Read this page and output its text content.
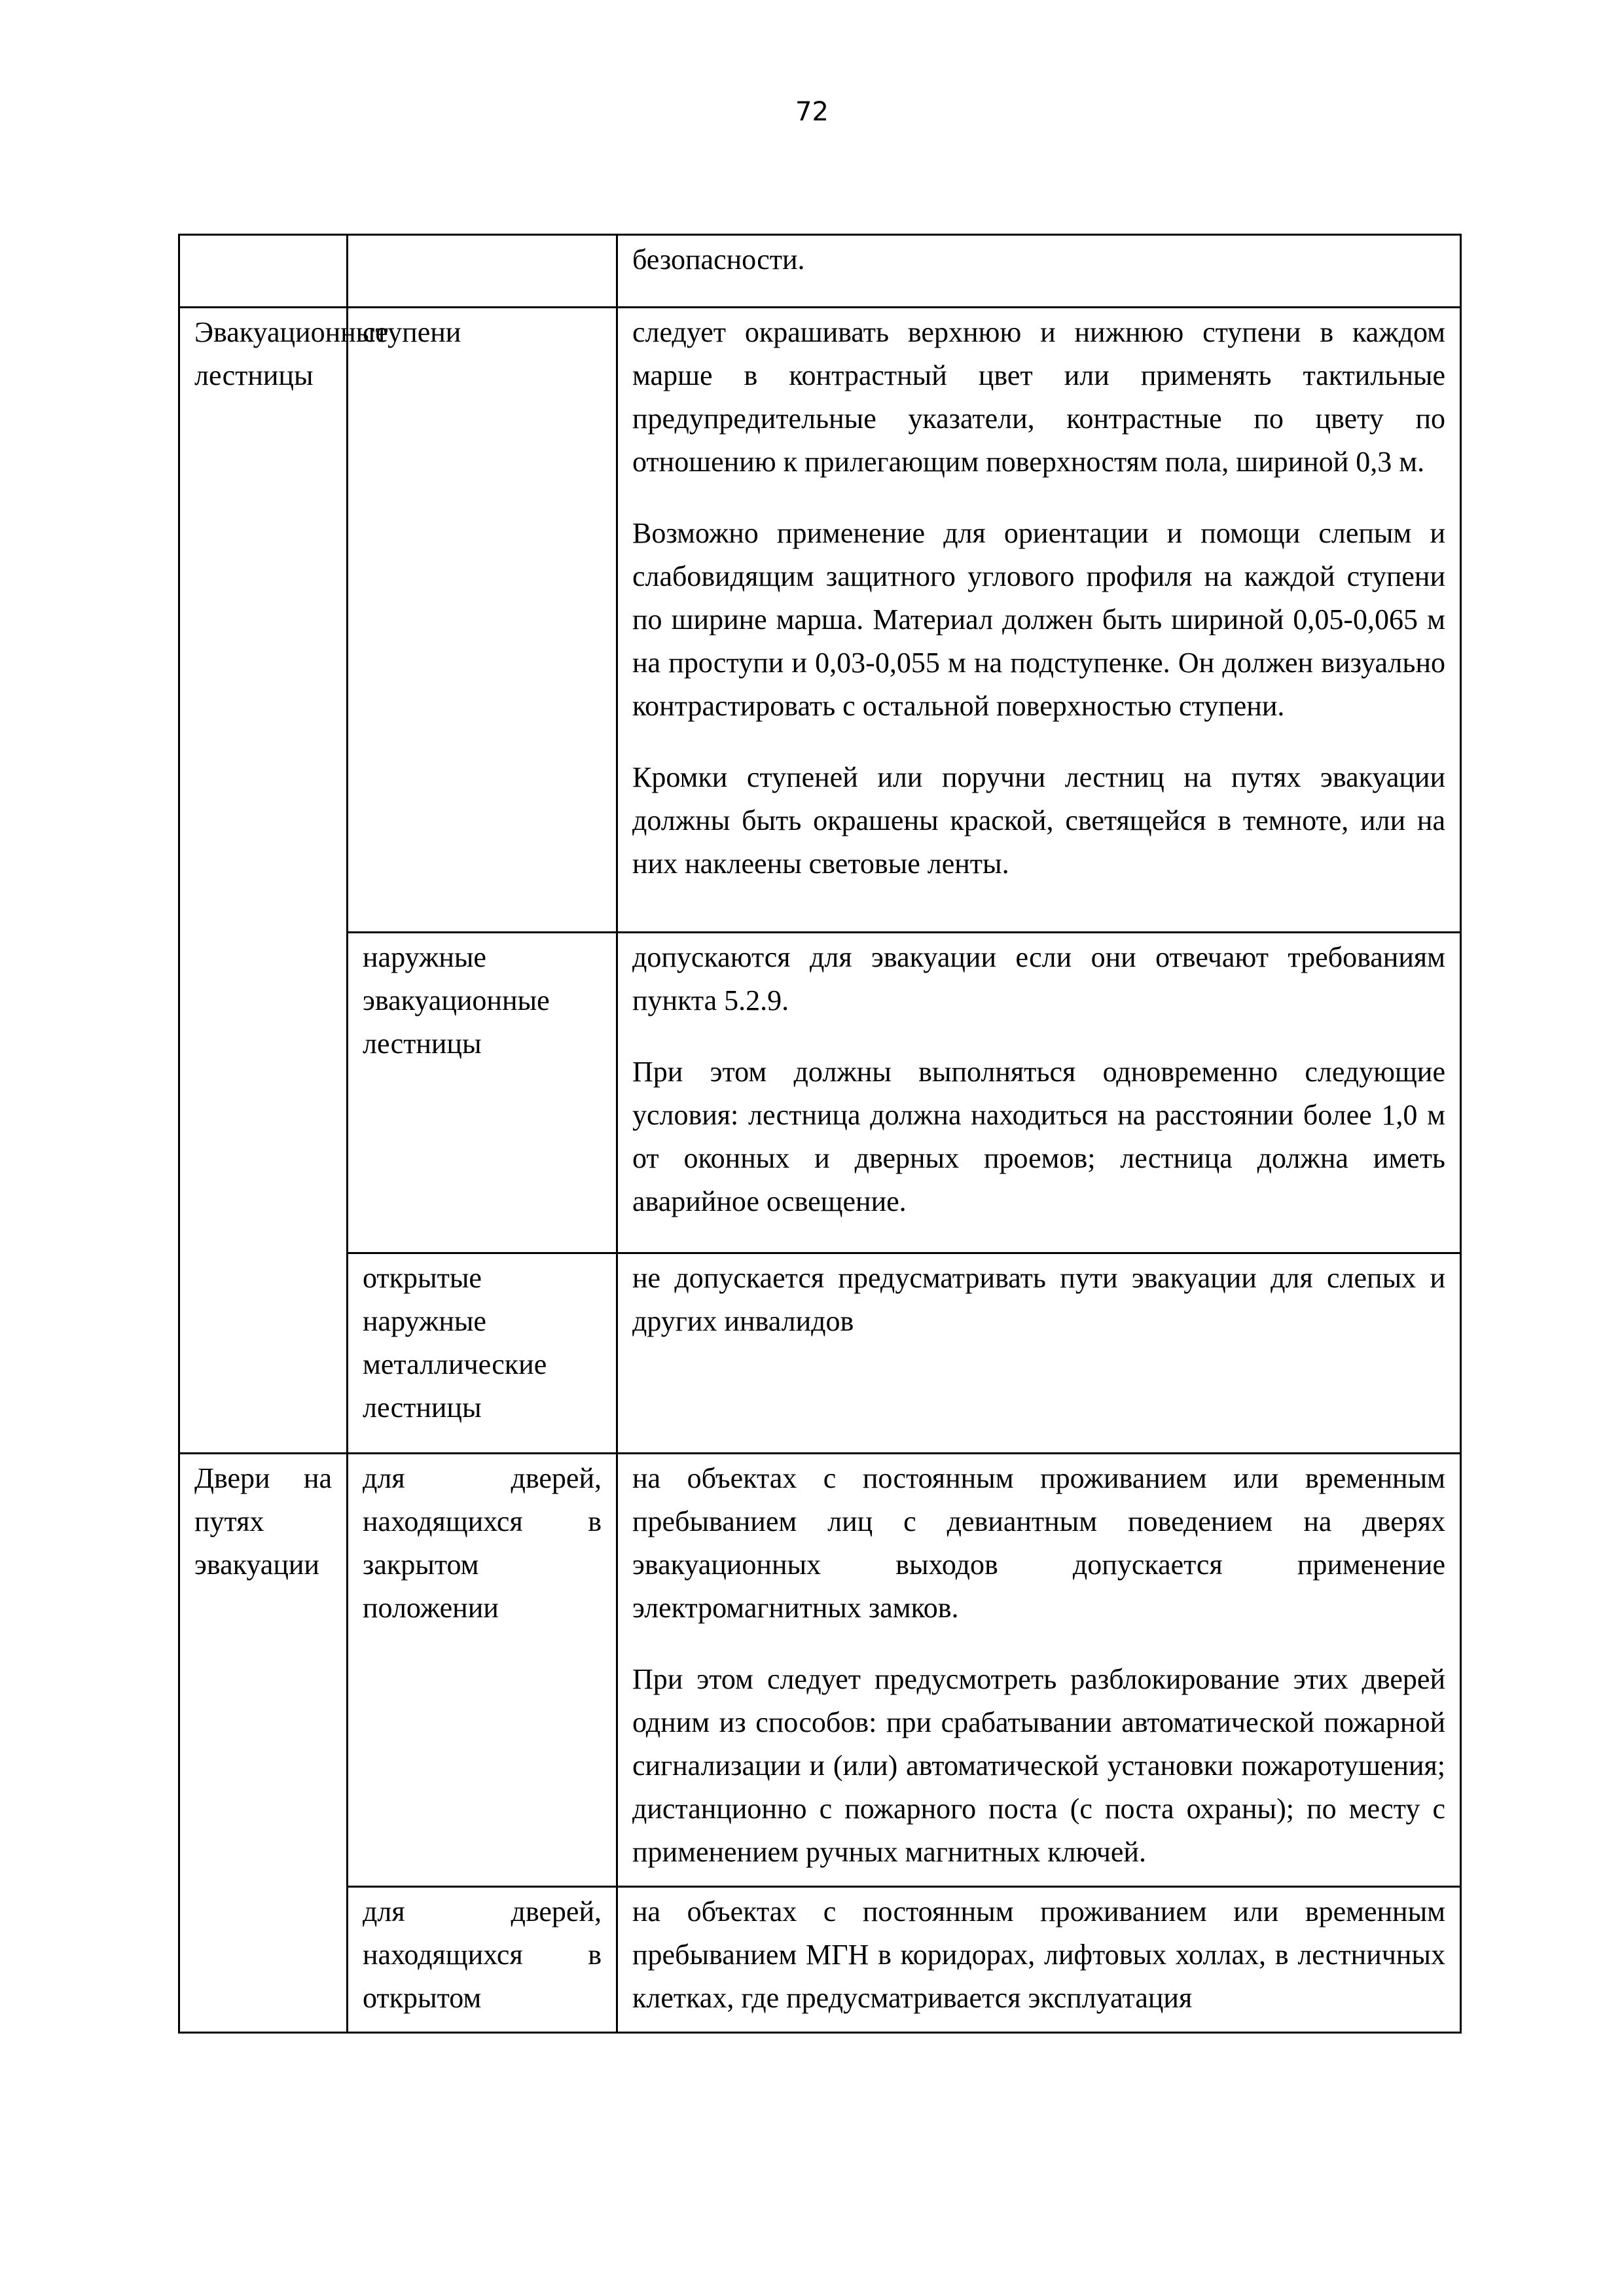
72

		безопасности.

Эвакуационные лестницы	ступени	следует окрашивать верхнюю и нижнюю ступени в каждом марше в контрастный цвет или применять тактильные предупредительные указатели, контрастные по цвету по отношению к прилегающим поверхностям пола, шириной 0,3 м.

Возможно применение для ориентации и помощи слепым и слабовидящим защитного углового профиля на каждой ступени по ширине марша. Материал должен быть шириной 0,05-0,065 м на проступи и 0,03-0,055 м на подступенке. Он должен визуально контрастировать с остальной поверхностью ступени.

Кромки ступеней или поручни лестниц на путях эвакуации должны быть окрашены краской, светящейся в темноте, или на них наклеены световые ленты.

	наружные эвакуационные лестницы	допускаются для эвакуации если они отвечают требованиям пункта 5.2.9.

При этом должны выполняться одновременно следующие условия: лестница должна находиться на расстоянии более 1,0 м от оконных и дверных проемов; лестница должна иметь аварийное освещение.

	открытые наружные металлические лестницы	не допускается предусматривать пути эвакуации для слепых и других инвалидов

Двери на путях эвакуации	для дверей, находящихся в закрытом положении	на объектах с постоянным проживанием или временным пребыванием лиц с девиантным поведением на дверях эвакуационных выходов допускается применение электромагнитных замков.

При этом следует предусмотреть разблокирование этих дверей одним из способов: при срабатывании автоматической пожарной сигнализации и (или) автоматической установки пожаротушения; дистанционно с пожарного поста (с поста охраны); по месту с применением ручных магнитных ключей.

	для дверей, находящихся в открытом	на объектах с постоянным проживанием или временным пребыванием МГН в коридорах, лифтовых холлах, в лестничных клетках, где предусматривается эксплуатация
